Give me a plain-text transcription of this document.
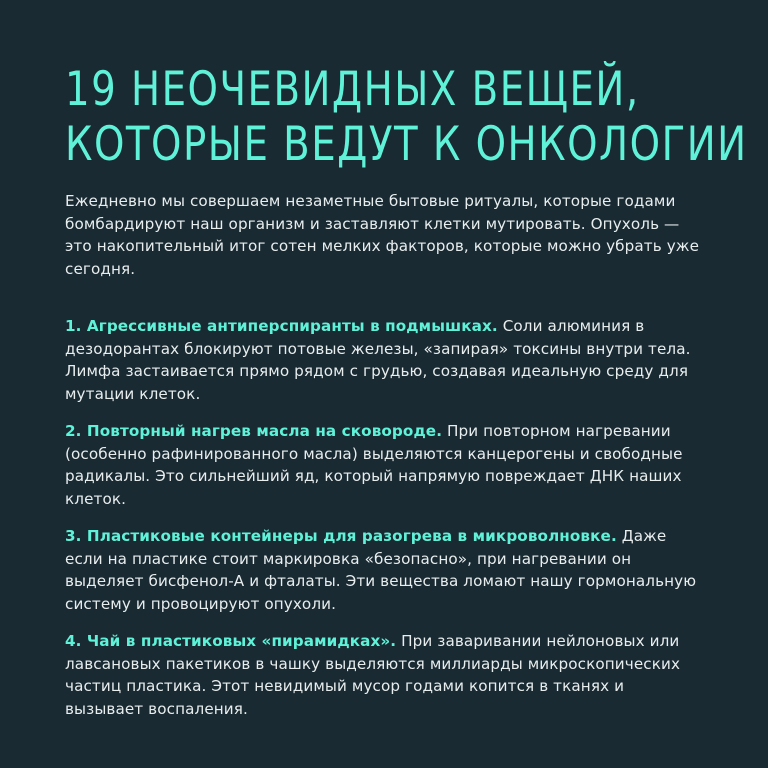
19 НЕОЧЕВИДНЫХ ВЕЩЕЙ,
КОТОРЫЕ ВЕДУТ К ОНКОЛОГИИ

Ежедневно мы совершаем незаметные бытовые ритуалы, которые годами бомбардируют наш организм и заставляют клетки мутировать. Опухоль — это накопительный итог сотен мелких факторов, которые можно убрать уже сегодня.

1. Агрессивные антиперспиранты в подмышках. Соли алюминия в дезодорантах блокируют потовые железы, «запирая» токсины внутри тела. Лимфа застаивается прямо рядом с грудью, создавая идеальную среду для мутации клеток.

2. Повторный нагрев масла на сковороде. При повторном нагревании (особенно рафинированного масла) выделяются канцерогены и свободные радикалы. Это сильнейший яд, который напрямую повреждает ДНК наших клеток.

3. Пластиковые контейнеры для разогрева в микроволновке. Даже если на пластике стоит маркировка «безопасно», при нагревании он выделяет бисфенол-А и фталаты. Эти вещества ломают нашу гормональную систему и провоцируют опухоли.

4. Чай в пластиковых «пирамидках». При заваривании нейлоновых или лавсановых пакетиков в чашку выделяются миллиарды микроскопических частиц пластика. Этот невидимый мусор годами копится в тканях и вызывает воспаления.
